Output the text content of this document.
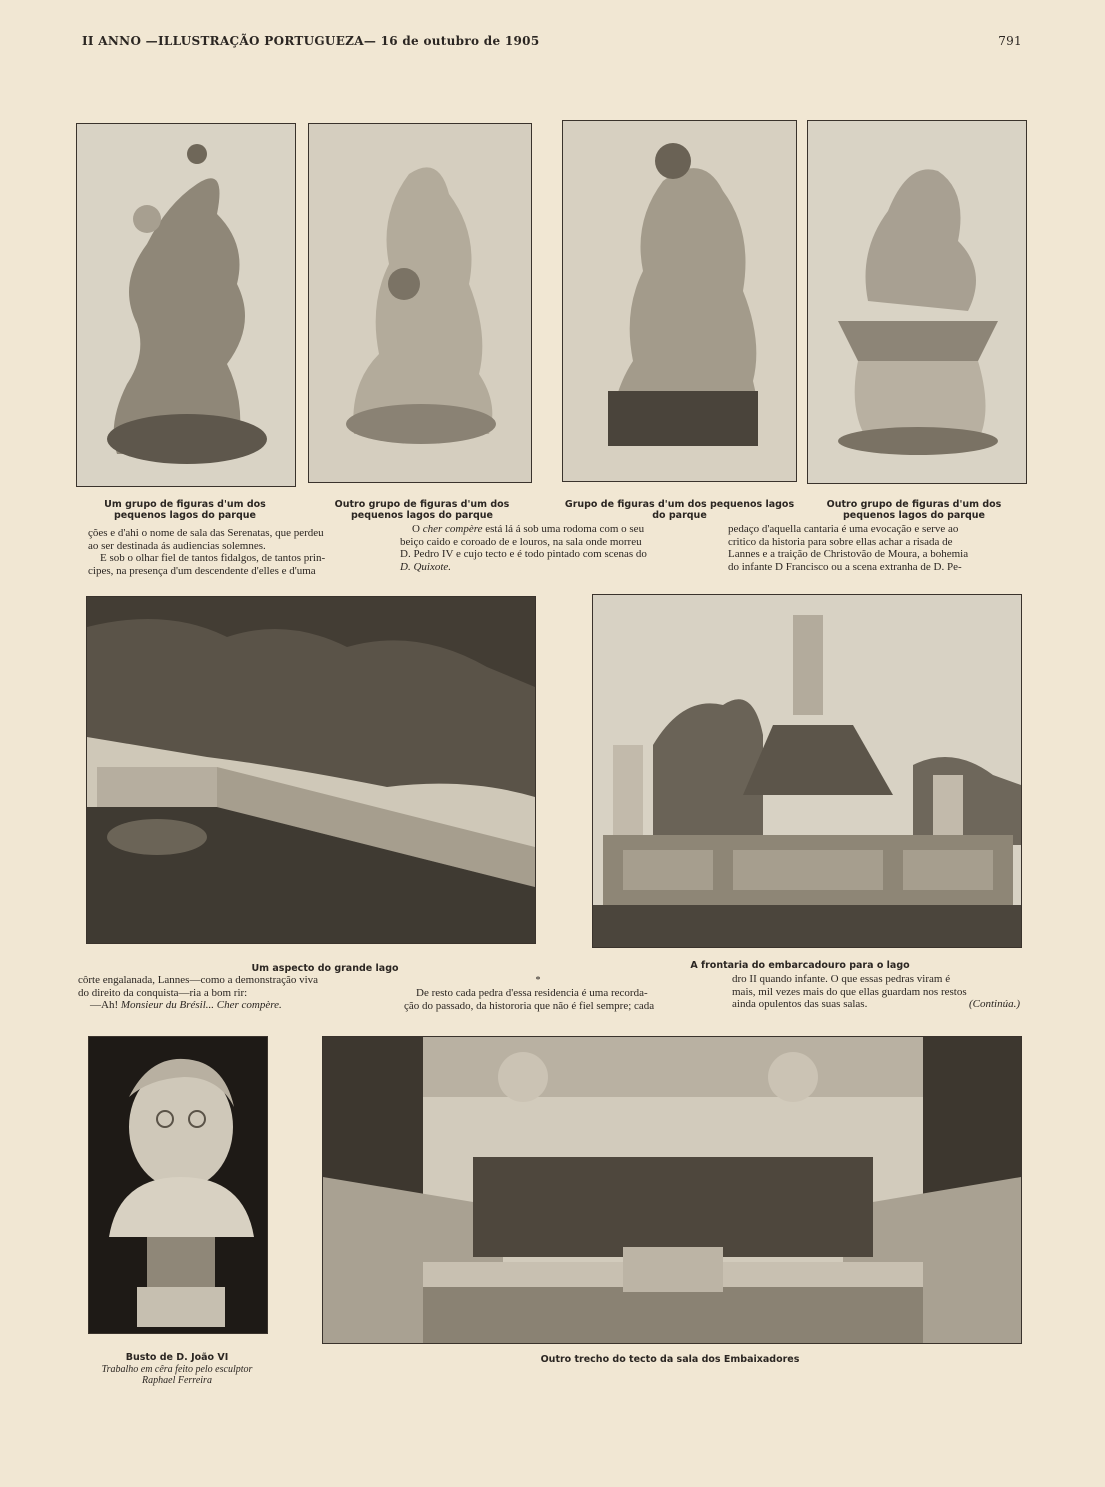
II ANNO —ILLUSTRAÇÃO PORTUGUEZA— 16 de outubro de 1905	791
Um grupo de figuras d'um dos pequenos lagos do parque
Outro grupo de figuras d'um dos pequenos lagos do parque
Grupo de figuras d'um dos pequenos lagos do parque
Outro grupo de figuras d'um dos pequenos lagos do parque

ções e d'ahi o nome de sala das Serenatas, que perdeu

ao ser destinada ás audiencias solemnes.

E sob o olhar fiel de tantos fidalgos, de tantos prin-

cipes, na presença d'um descendente d'elles e d'uma

O cher compère está lá á sob uma rodoma com o seu

beiço caido e coroado de e louros, na sala onde morreu

D. Pedro IV e cujo tecto e é todo pintado com scenas do

D. Quixote.

pedaço d'aquella cantaria é uma evocação e serve ao

critico da historia para sobre ellas achar a risada de

Lannes e a traição de Christovão de Moura, a bohemia

do infante D Francisco ou a scena extranha de D. Pe-

Um aspecto do grande lago	A frontaria do embarcadouro para o lago

côrte engalanada, Lannes—como a demonstração viva

do direito da conquista—ria a bom rir:

—Ah! Monsieur du Brésil... Cher compère.

*

De resto cada pedra d'essa residencia é uma recorda-

ção do passado, da histororia que não é fiel sempre; cada

dro II quando infante. O que essas pedras viram é

mais, mil vezes mais do que ellas guardam nos restos

ainda opulentos das suas salas.	(Continúa.)

Busto de D. João VI
Trabalho em cêra feito pelo esculptor
Raphael Ferreira
Outro trecho do tecto da sala dos Embaixadores
